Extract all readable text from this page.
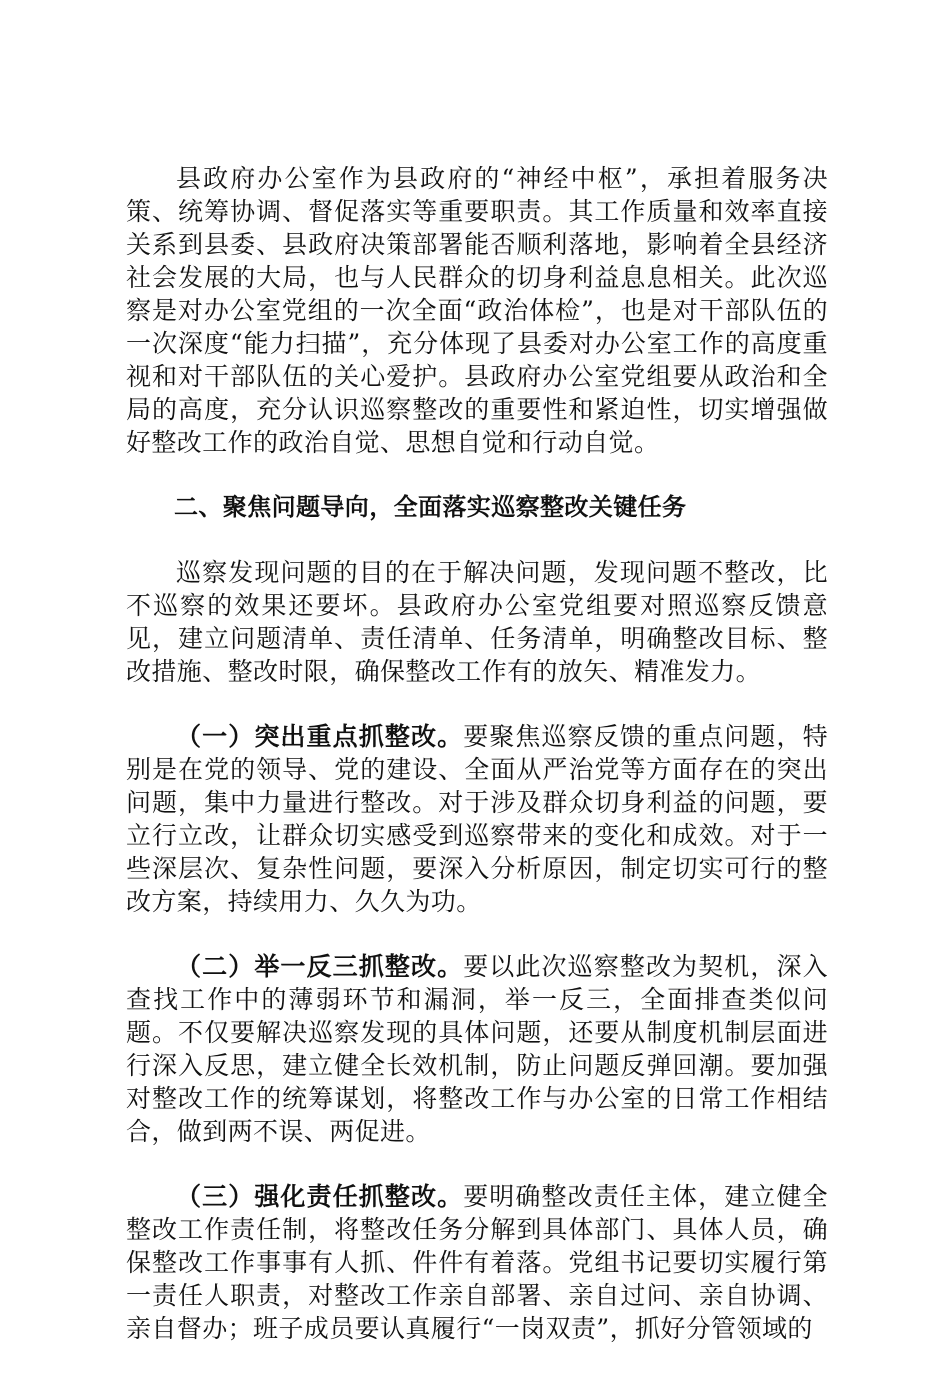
县政府办公室作为县政府的“神经中枢”，承担着服务决策、统筹协调、督促落实等重要职责。其工作质量和效率直接关系到县委、县政府决策部署能否顺利落地，影响着全县经济社会发展的大局，也与人民群众的切身利益息息相关。此次巡察是对办公室党组的一次全面“政治体检”，也是对干部队伍的一次深度“能力扫描”，充分体现了县委对办公室工作的高度重视和对干部队伍的关心爱护。县政府办公室党组要从政治和全局的高度，充分认识巡察整改的重要性和紧迫性，切实增强做好整改工作的政治自觉、思想自觉和行动自觉。

二、聚焦问题导向，全面落实巡察整改关键任务

巡察发现问题的目的在于解决问题，发现问题不整改，比不巡察的效果还要坏。县政府办公室党组要对照巡察反馈意见，建立问题清单、责任清单、任务清单，明确整改目标、整改措施、整改时限，确保整改工作有的放矢、精准发力。

（一）突出重点抓整改。要聚焦巡察反馈的重点问题，特别是在党的领导、党的建设、全面从严治党等方面存在的突出问题，集中力量进行整改。对于涉及群众切身利益的问题，要立行立改，让群众切实感受到巡察带来的变化和成效。对于一些深层次、复杂性问题，要深入分析原因，制定切实可行的整改方案，持续用力、久久为功。

（二）举一反三抓整改。要以此次巡察整改为契机，深入查找工作中的薄弱环节和漏洞，举一反三，全面排查类似问题。不仅要解决巡察发现的具体问题，还要从制度机制层面进行深入反思，建立健全长效机制，防止问题反弹回潮。要加强对整改工作的统筹谋划，将整改工作与办公室的日常工作相结合，做到两不误、两促进。

（三）强化责任抓整改。要明确整改责任主体，建立健全整改工作责任制，将整改任务分解到具体部门、具体人员，确保整改工作事事有人抓、件件有着落。党组书记要切实履行第一责任人职责，对整改工作亲自部署、亲自过问、亲自协调、亲自督办；班子成员要认真履行“一岗双责”，抓好分管领域的
